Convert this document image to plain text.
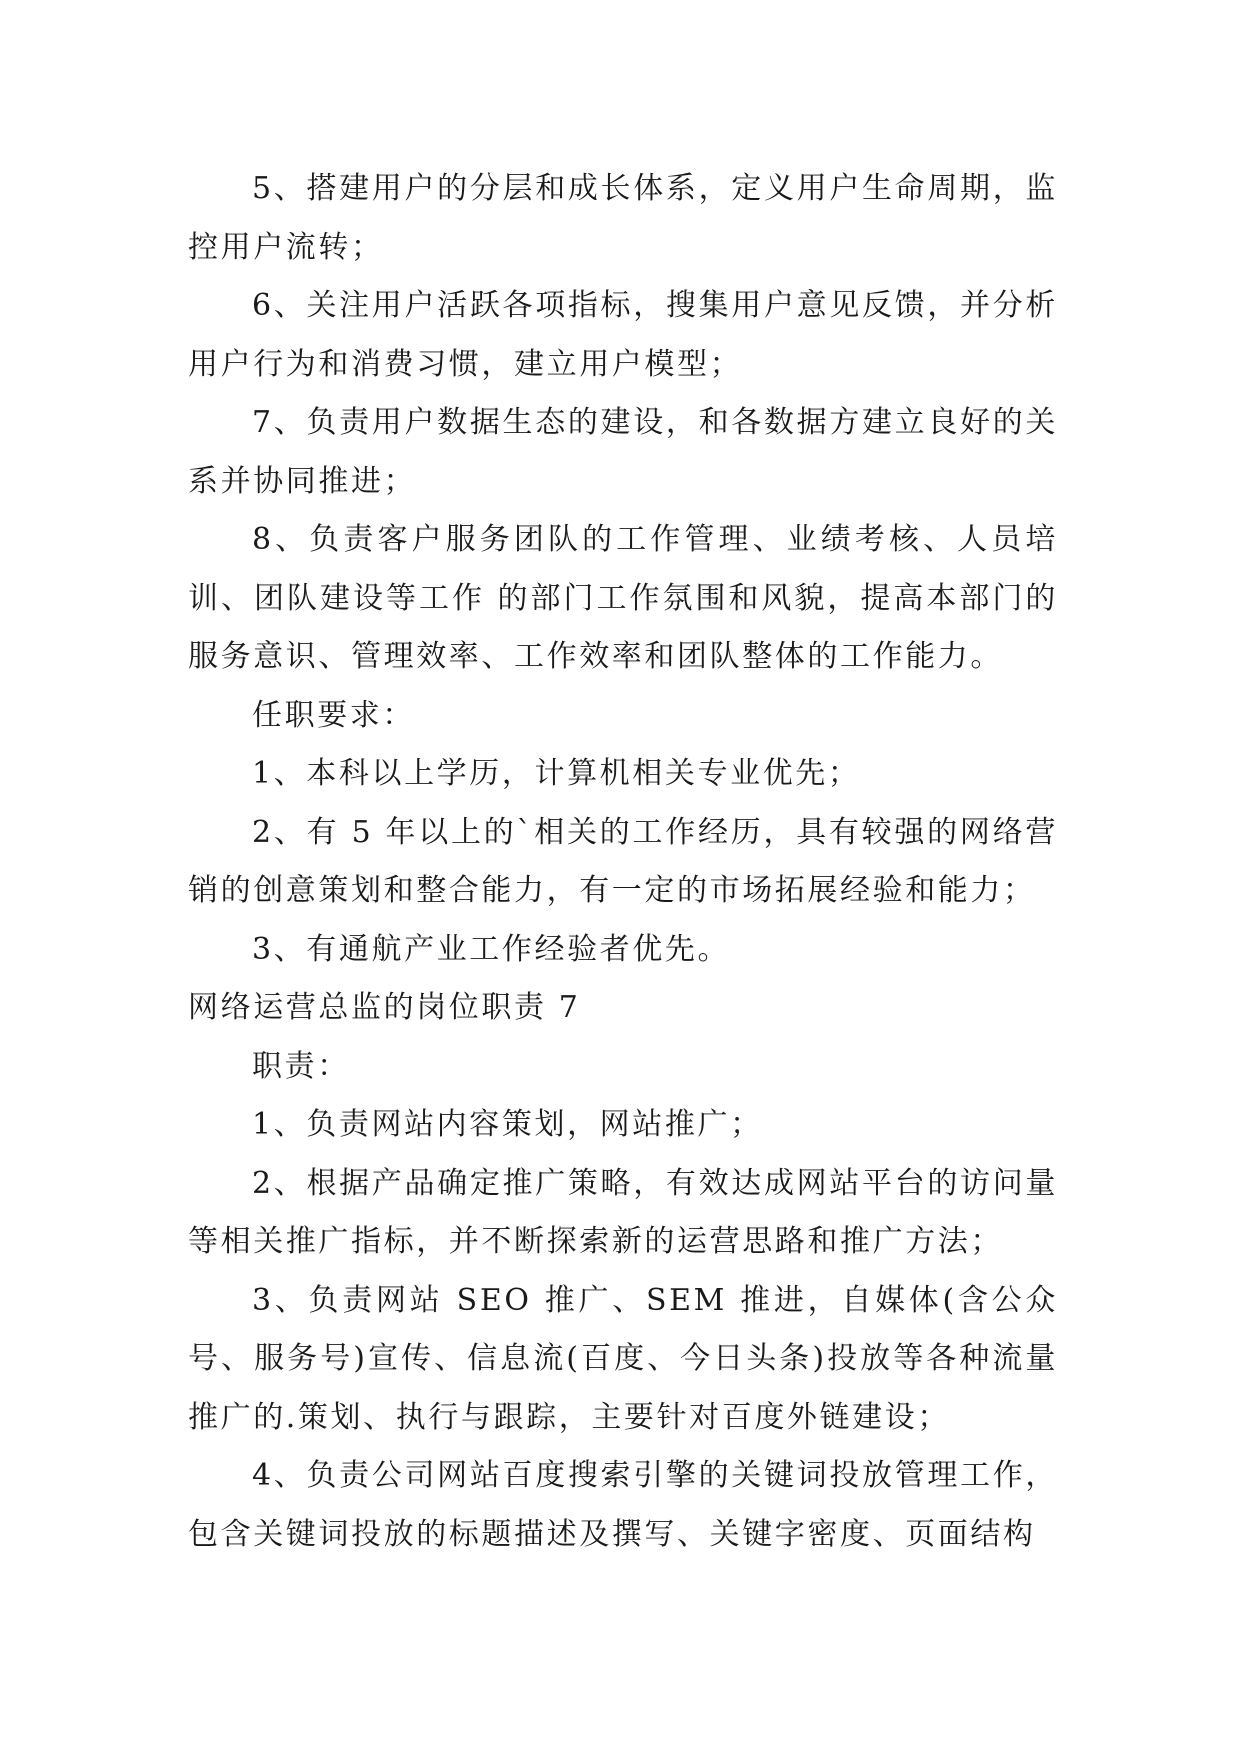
5、搭建用户的分层和成长体系，定义用户生命周期，监控用户流转；

6、关注用户活跃各项指标，搜集用户意见反馈，并分析用户行为和消费习惯，建立用户模型；

7、负责用户数据生态的建设，和各数据方建立良好的关系并协同推进；

8、负责客户服务团队的工作管理、业绩考核、人员培训、团队建设等工作 的部门工作氛围和风貌，提高本部门的服务意识、管理效率、工作效率和团队整体的工作能力。

任职要求：

1、本科以上学历，计算机相关专业优先；

2、有 5 年以上的`相关的工作经历，具有较强的网络营销的创意策划和整合能力，有一定的市场拓展经验和能力；

3、有通航产业工作经验者优先。

网络运营总监的岗位职责 7

职责：

1、负责网站内容策划，网站推广；

2、根据产品确定推广策略，有效达成网站平台的访问量等相关推广指标，并不断探索新的运营思路和推广方法；

3、负责网站 SEO 推广、SEM 推进，自媒体(含公众号、服务号)宣传、信息流(百度、今日头条)投放等各种流量推广的.策划、执行与跟踪，主要针对百度外链建设；

4、负责公司网站百度搜索引擎的关键词投放管理工作，包含关键词投放的标题描述及撰写、关键字密度、页面结构
